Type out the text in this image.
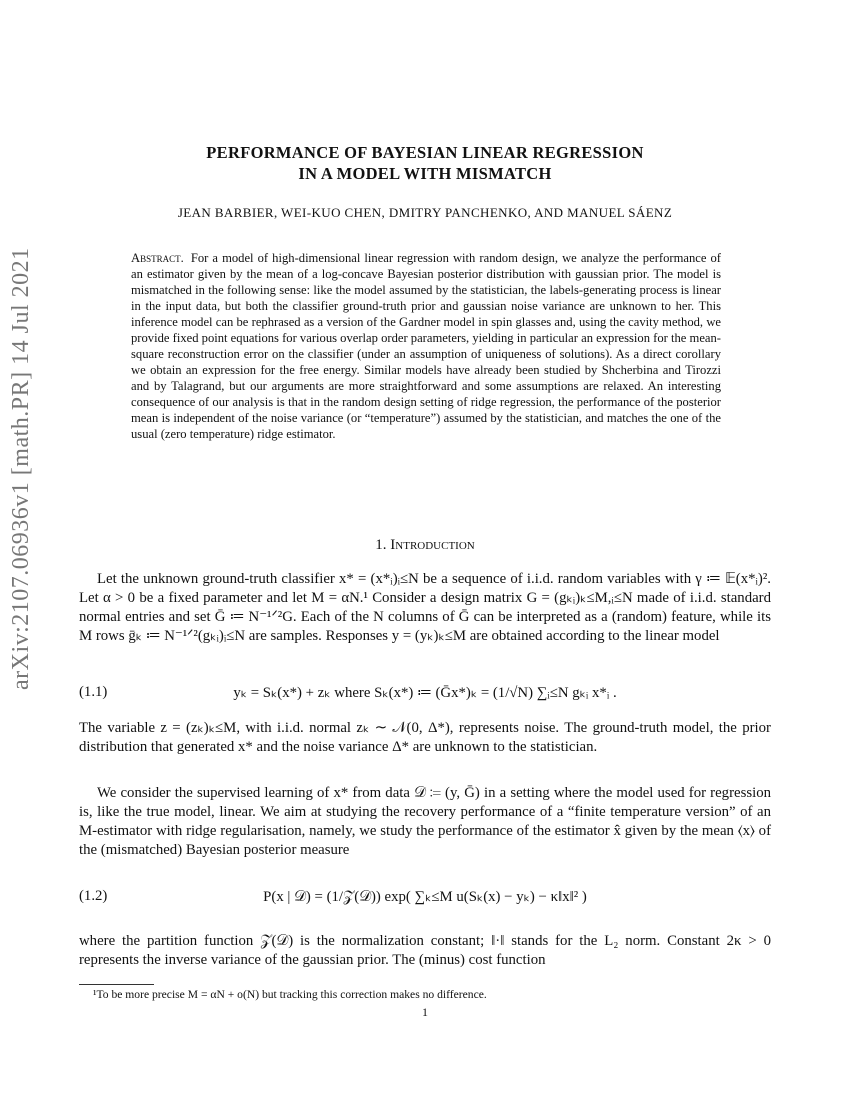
arXiv:2107.06936v1 [math.PR] 14 Jul 2021
PERFORMANCE OF BAYESIAN LINEAR REGRESSION
IN A MODEL WITH MISMATCH
JEAN BARBIER, WEI-KUO CHEN, DMITRY PANCHENKO, AND MANUEL SÁENZ
Abstract. For a model of high-dimensional linear regression with random design, we analyze the performance of an estimator given by the mean of a log-concave Bayesian posterior distribution with gaussian prior. The model is mismatched in the following sense: like the model assumed by the statistician, the labels-generating process is linear in the input data, but both the classifier ground-truth prior and gaussian noise variance are unknown to her. This inference model can be rephrased as a version of the Gardner model in spin glasses and, using the cavity method, we provide fixed point equations for various overlap order parameters, yielding in particular an expression for the mean-square reconstruction error on the classifier (under an assumption of uniqueness of solutions). As a direct corollary we obtain an expression for the free energy. Similar models have already been studied by Shcherbina and Tirozzi and by Talagrand, but our arguments are more straightforward and some assumptions are relaxed. An interesting consequence of our analysis is that in the random design setting of ridge regression, the performance of the posterior mean is independent of the noise variance (or “temperature”) assumed by the statistician, and matches the one of the usual (zero temperature) ridge estimator.
1. Introduction
Let the unknown ground-truth classifier x* = (x*ᵢ)ᵢ≤N be a sequence of i.i.d. random variables with γ ≔ 𝔼(x*ᵢ)². Let α > 0 be a fixed parameter and let M = αN.¹ Consider a design matrix G = (gₖᵢ)ₖ≤M,ᵢ≤N made of i.i.d. standard normal entries and set Ḡ ≔ N⁻¹ᐟ²G. Each of the N columns of Ḡ can be interpreted as a (random) feature, while its M rows ḡₖ ≔ N⁻¹ᐟ²(gₖᵢ)ᵢ≤N are samples. Responses y = (yₖ)ₖ≤M are obtained according to the linear model
(1.1)	yₖ = Sₖ(x*) + zₖ where Sₖ(x*) ≔ (Ḡx*)ₖ = (1/√N) ∑ᵢ≤N gₖᵢ x*ᵢ .
The variable z = (zₖ)ₖ≤M, with i.i.d. normal zₖ ∼ 𝒩(0, Δ*), represents noise. The ground-truth model, the prior distribution that generated x* and the noise variance Δ* are unknown to the statistician.
We consider the supervised learning of x* from data 𝒟 ≔ (y, Ḡ) in a setting where the model used for regression is, like the true model, linear. We aim at studying the recovery performance of a “finite temperature version” of an M-estimator with ridge regularisation, namely, we study the performance of the estimator x̂ given by the mean ⟨x⟩ of the (mismatched) Bayesian posterior measure
(1.2)	P(x | 𝒟) = (1/𝒵(𝒟)) exp( ∑ₖ≤M u(Sₖ(x) − yₖ) − κ‖x‖² )
where the partition function 𝒵(𝒟) is the normalization constant; ‖·‖ stands for the L₂ norm. Constant 2κ > 0 represents the inverse variance of the gaussian prior. The (minus) cost function
¹To be more precise M = αN + o(N) but tracking this correction makes no difference.
1
